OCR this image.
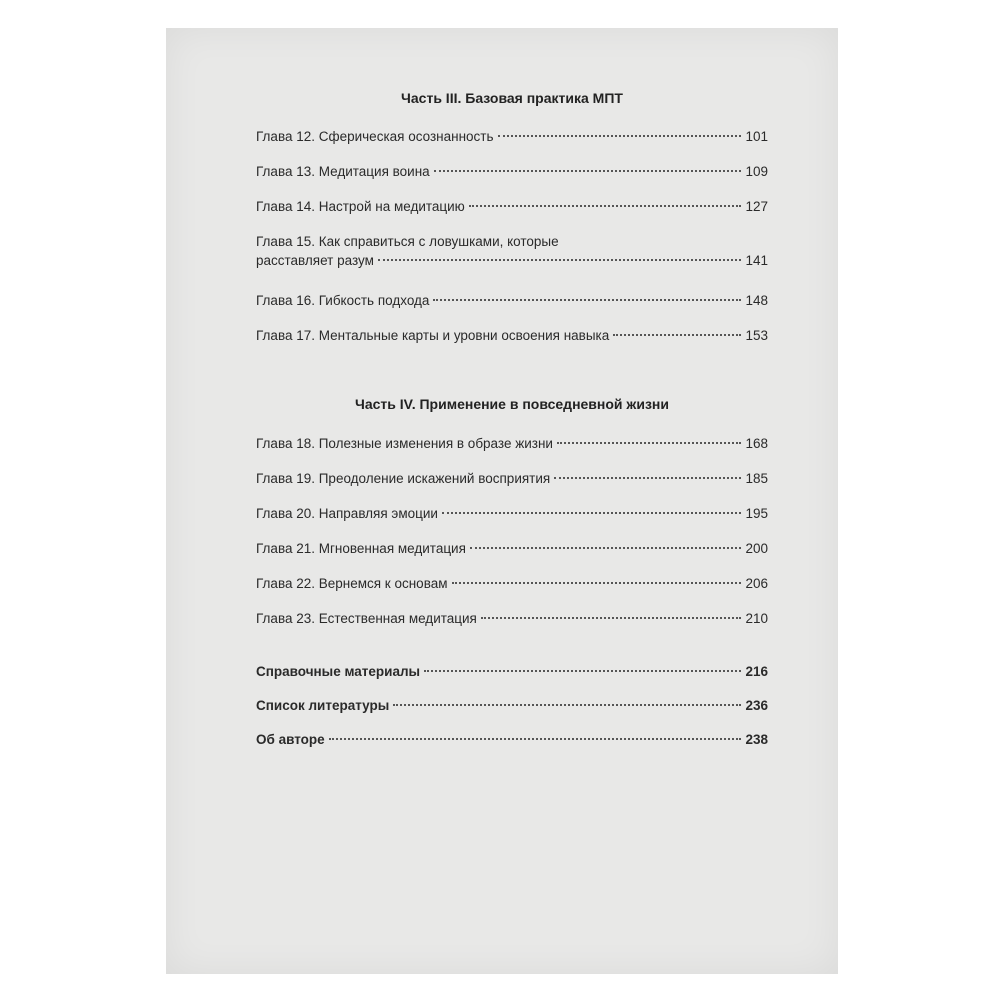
Часть III. Базовая практика МПТ
Глава 12. Сферическая осознанность	101
Глава 13. Медитация воина	109
Глава 14. Настрой на медитацию	127
Глава 15. Как справиться с ловушками, которые
расставляет разум	141
Глава 16. Гибкость подхода	148
Глава 17. Ментальные карты и уровни освоения навыка	153
Часть IV. Применение в повседневной жизни
Глава 18. Полезные изменения в образе жизни	168
Глава 19. Преодоление искажений восприятия	185
Глава 20. Направляя эмоции	195
Глава 21. Мгновенная медитация	200
Глава 22. Вернемся к основам	206
Глава 23. Естественная медитация	210
Справочные материалы	216
Список литературы	236
Об авторе	238
